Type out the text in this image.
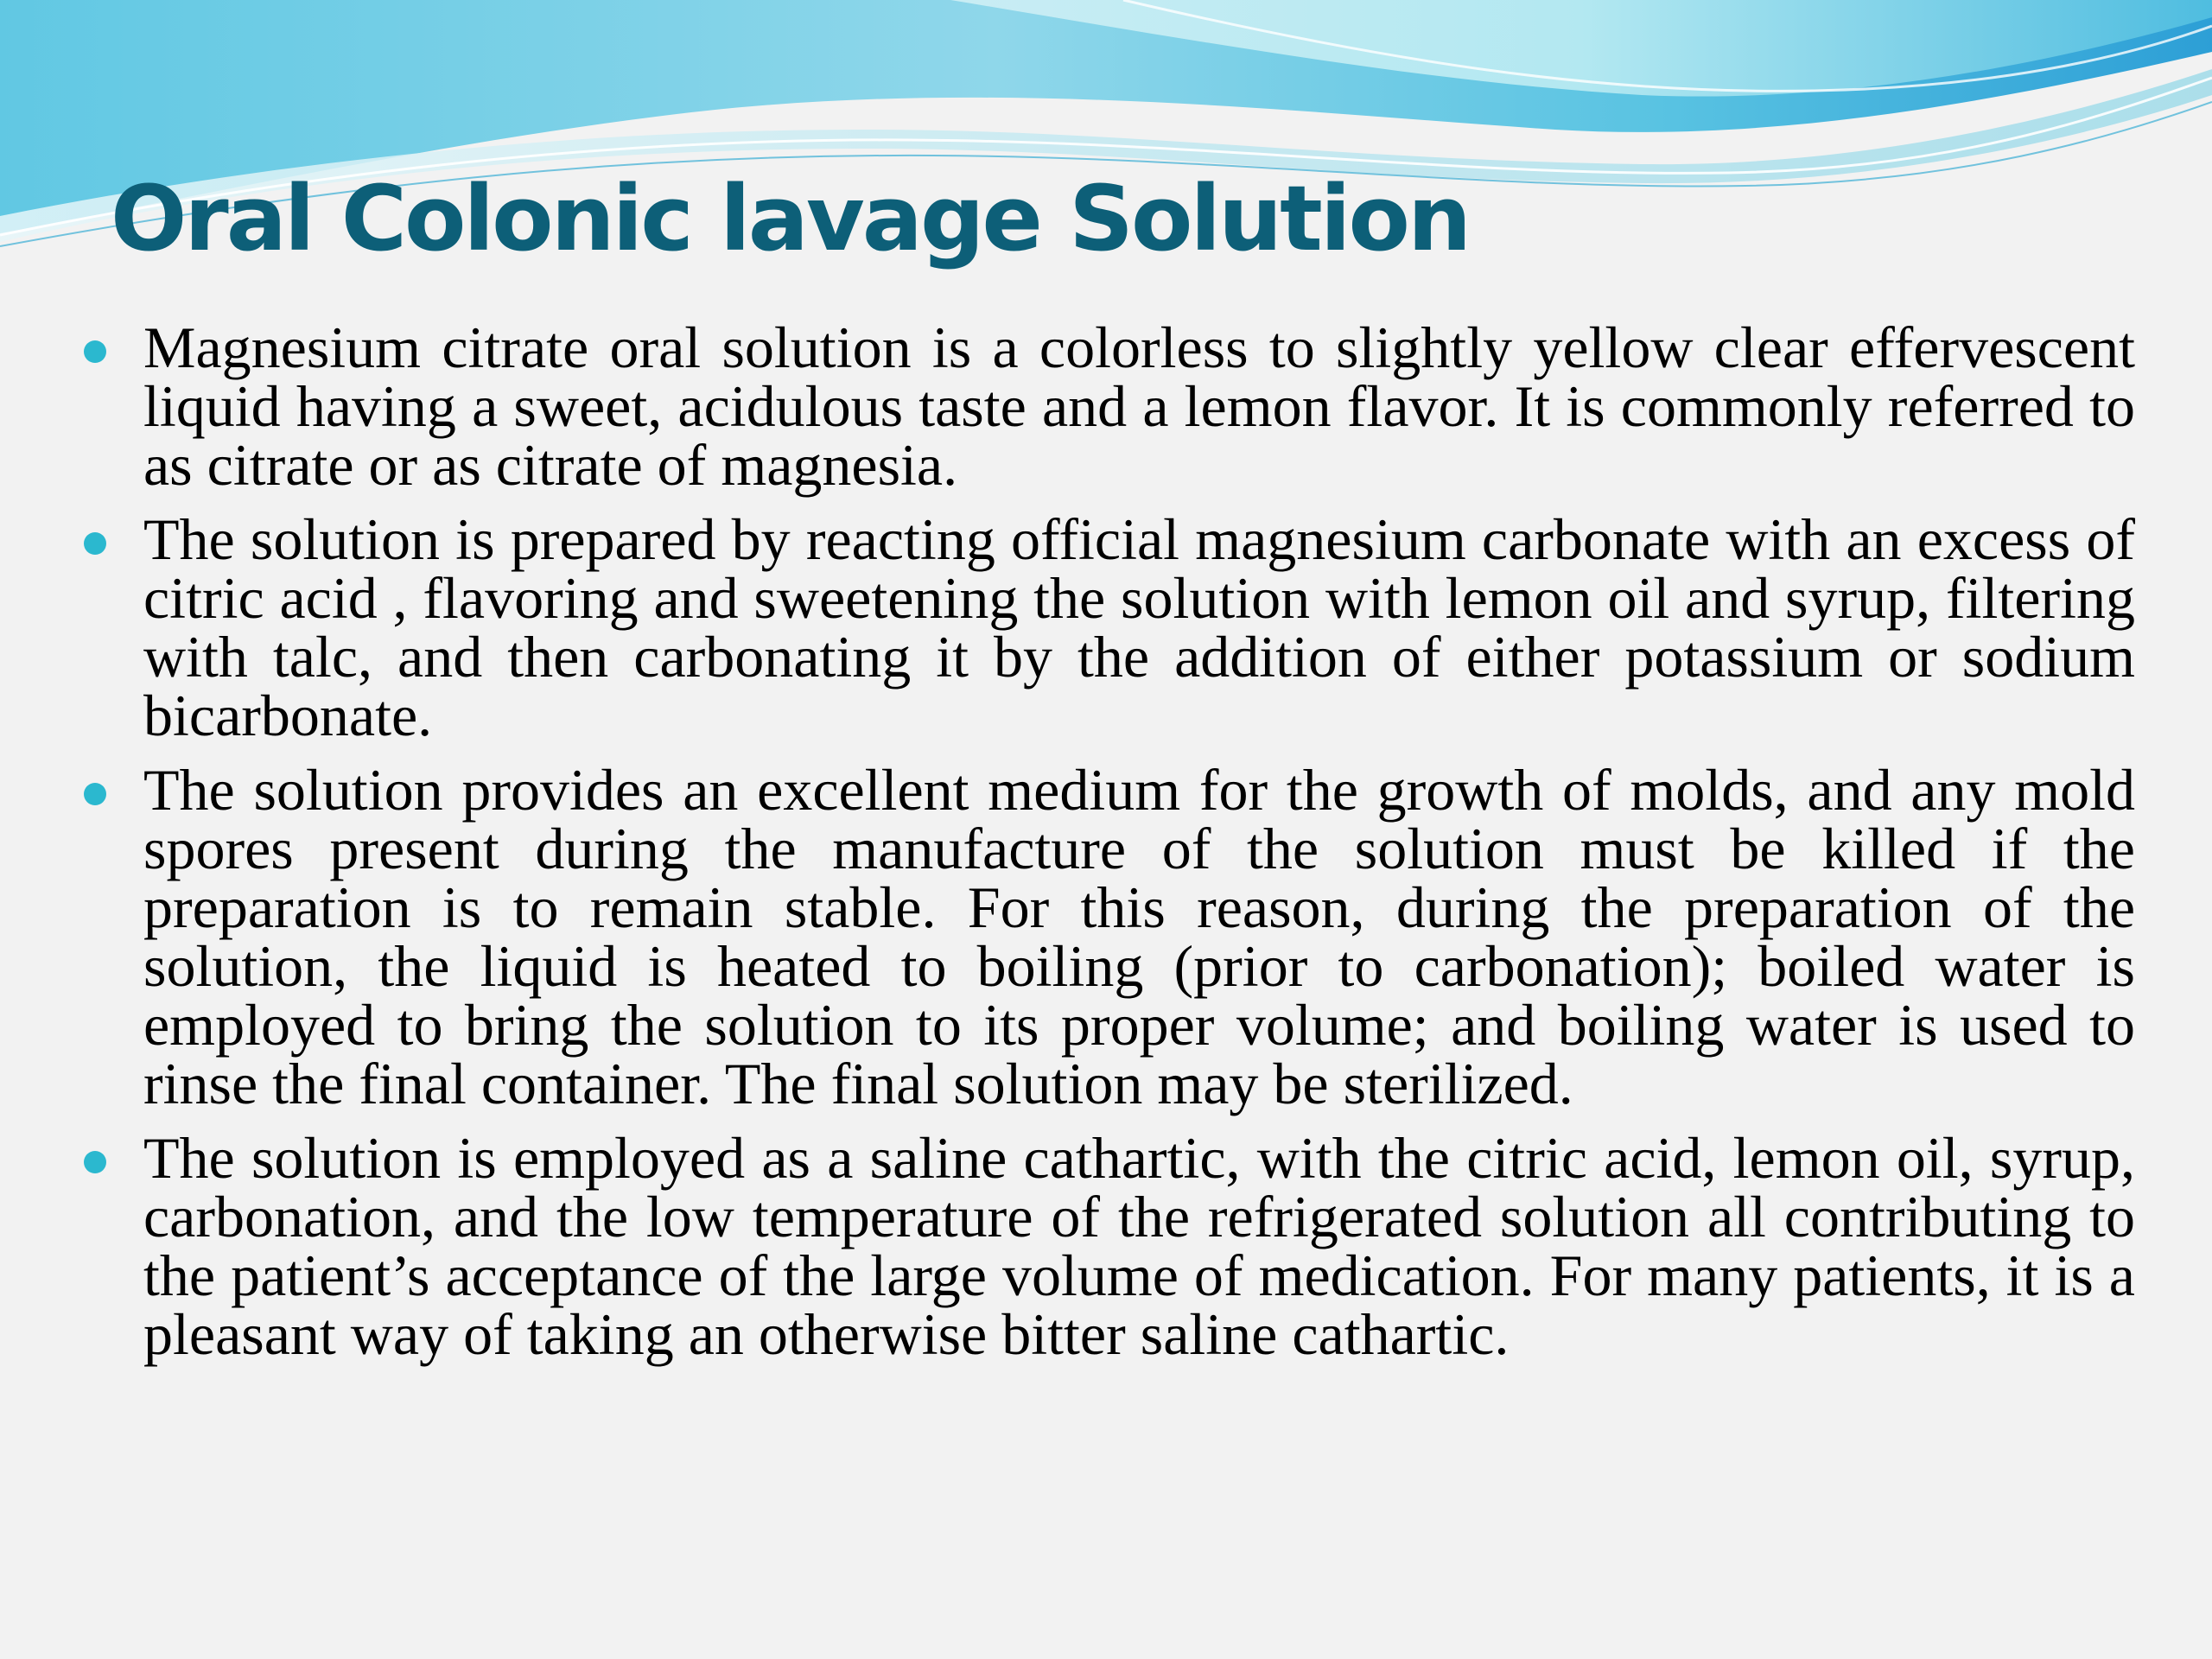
Oral Colonic lavage Solution

Magnesium citrate oral solution is a colorless to slightly yellow clear effervescent liquid having a sweet, acidulous taste and a lemon flavor. It is commonly referred to as citrate or as citrate of magnesia.

The solution is prepared by reacting official magnesium carbonate with an excess of citric acid , flavoring and sweetening the solution with lemon oil and syrup, filtering with talc, and then carbonating it by the addition of either potassium or sodium bicarbonate.

The solution provides an excellent medium for the growth of molds, and any mold spores present during the manufacture of the solution must be killed if the preparation is to remain stable. For this reason, during the preparation of the solution, the liquid is heated to boiling (prior to carbonation); boiled water is employed to bring the solution to its proper volume; and boiling water is used to rinse the final container. The final solution may be sterilized.

The solution is employed as a saline cathartic, with the citric acid, lemon oil, syrup, carbonation, and the low temperature of the refrigerated solution all contributing to the patient’s acceptance of the large volume of medication. For many patients, it is a pleasant way of taking an otherwise bitter saline cathartic.
